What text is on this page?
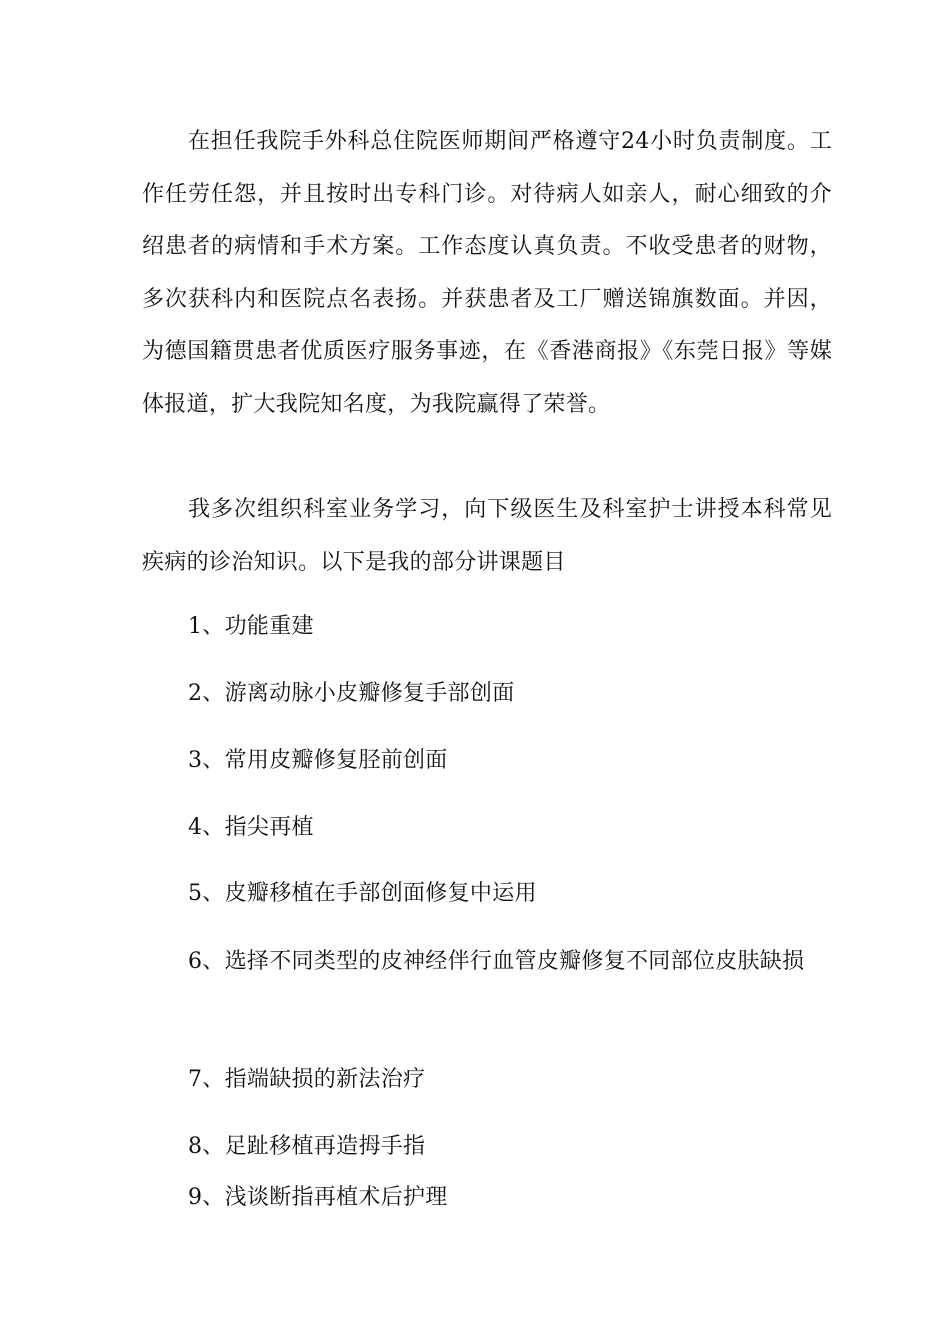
在担任我院手外科总住院医师期间严格遵守24小时负责制度。工作任劳任怨，并且按时出专科门诊。对待病人如亲人，耐心细致的介绍患者的病情和手术方案。工作态度认真负责。不收受患者的财物，多次获科内和医院点名表扬。并获患者及工厂赠送锦旗数面。并因，为德国籍贯患者优质医疗服务事迹，在《香港商报》《东莞日报》等媒体报道，扩大我院知名度，为我院赢得了荣誉。

我多次组织科室业务学习，向下级医生及科室护士讲授本科常见疾病的诊治知识。以下是我的部分讲课题目

1、功能重建

2、游离动脉小皮瓣修复手部创面

3、常用皮瓣修复胫前创面

4、指尖再植

5、皮瓣移植在手部创面修复中运用

6、选择不同类型的皮神经伴行血管皮瓣修复不同部位皮肤缺损

7、指端缺损的新法治疗

8、足趾移植再造拇手指

9、浅谈断指再植术后护理
